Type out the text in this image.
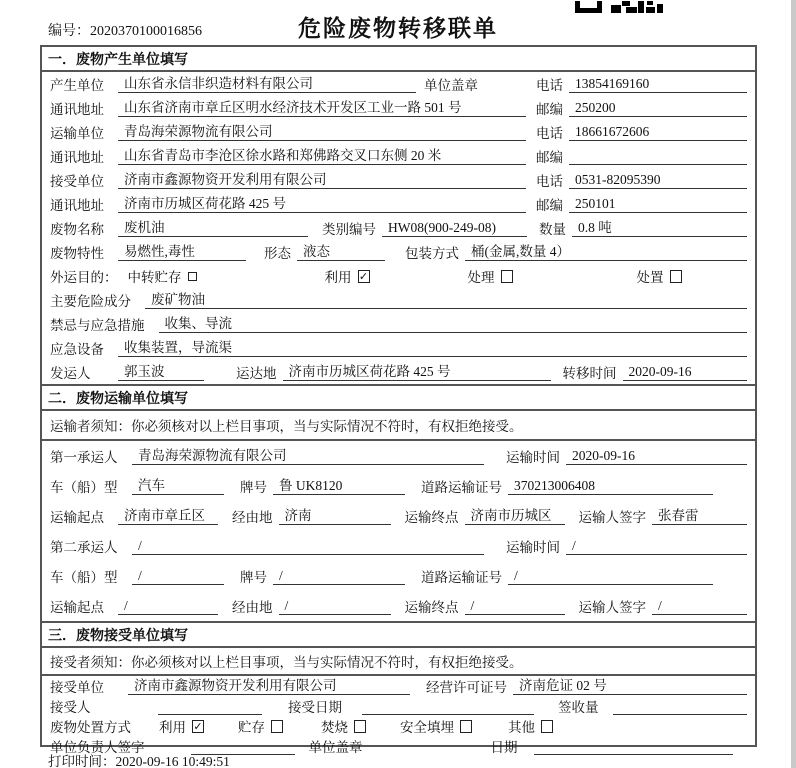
编号：2020370100016856	危险废物转移联单
一．废物产生单位填写
产生单位	山东省永信非织造材料有限公司	单位盖章	电话 13854169160
通讯地址	山东省济南市章丘区明水经济技术开发区工业一路 501 号	邮编 250200
运输单位	青岛海荣源物流有限公司	电话 18661672606
通讯地址	山东省青岛市李沧区徐水路和郑佛路交叉口东侧 20 米	邮编
接受单位	济南市鑫源物资开发利用有限公司	电话 0531-82095390
通讯地址	济南市历城区荷花路 425 号	邮编 250101
废物名称	废机油	类别编号 HW08(900-249-08)	数量 0.8 吨
废物特性	易燃性,毒性	形态 液态	包装方式 桶(金属,数量 4）
外运目的： 中转贮存	利用 ✓	处理	处置
主要危险成分	废矿物油
禁忌与应急措施	收集、导流
应急设备	收集装置，导流渠
发运人	郭玉波	运达地 济南市历城区荷花路 425 号	转移时间 2020-09-16
二．废物运输单位填写
运输者须知：你必须核对以上栏目事项，当与实际情况不符时，有权拒绝接受。
第一承运人	青岛海荣源物流有限公司	运输时间 2020-09-16
车（船）型	汽车	牌号 鲁 UK8120	道路运输证号 370213006408
运输起点	济南市章丘区	经由地 济南	运输终点 济南市历城区	运输人签字 张春雷
第二承运人	/	运输时间 /
车（船）型	/	牌号 /	道路运输证号 /
运输起点	/	经由地 /	运输终点 /	运输人签字 /
三．废物接受单位填写
接受者须知：你必须核对以上栏目事项，当与实际情况不符时，有权拒绝接受。
接受单位	济南市鑫源物资开发利用有限公司	经营许可证号 济南危证 02 号
接受人	接受日期	签收量
废物处置方式 利用 ✓	贮存	焚烧	安全填埋	其他
单位负责人签字	单位盖章	日期
打印时间：2020-09-16 10:49:51
